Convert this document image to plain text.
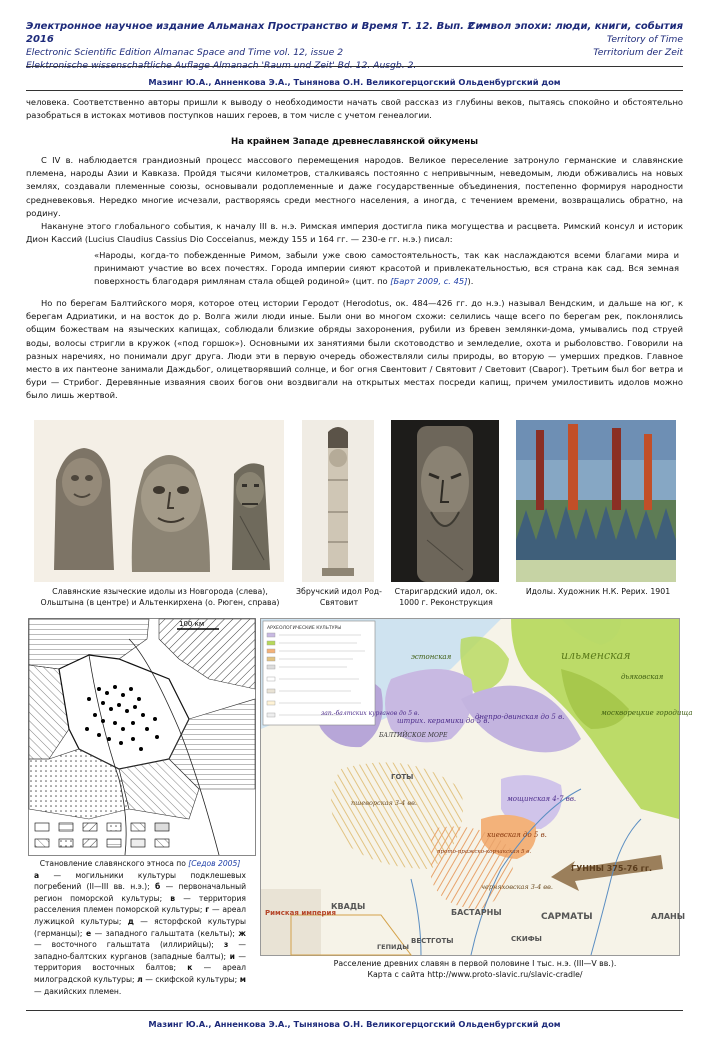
Электронное научное издание Альманах Пространство и Время Т. 12. Вып. 2 • 2016
Electronic Scientific Edition Almanac Space and Time vol. 12, issue 2
Elektronische wissenschaftliche Auflage Almanach 'Raum und Zeit' Bd. 12. Ausgb. 2.
Символ эпохи: люди, книги, события
Territory of Time
Territorium der Zeit
Мазинг Ю.А., Анненкова Э.А., Тынянова О.Н. Великогерцогский Ольденбургский дом

человека. Соответственно авторы пришли к выводу о необходимости начать свой рассказ из глубины веков, пытаясь спокойно и обстоятельно разобраться в истоках мотивов поступков наших героев, в том числе с учетом генеалогии.

На крайнем Западе древнеславянской ойкумены

С IV в. наблюдается грандиозный процесс массового перемещения народов. Великое переселение затронуло германские и славянские племена, народы Азии и Кавказа. Пройдя тысячи километров, сталкиваясь постоянно с непривычным, неведомым, люди обживались на новых землях, создавали племенные союзы, основывали родоплеменные и даже государственные объединения, постепенно формируя народности средневековья. Нередко многие исчезали, растворяясь среди местного населения, а иногда, с течением времени, возвращались обратно, на родину.

Накануне этого глобального события, к началу III в. н.э. Римская империя достигла пика могущества и расцвета. Римский консул и историк Дион Кассий (Lucius Claudius Cassius Dio Cocceianus, между 155 и 164 гг. — 230-е гг. н.э.) писал:

«Народы, когда-то побежденные Римом, забыли уже свою самостоятельность, так как наслаждаются всеми благами мира и принимают участие во всех почестях. Города империи сияют красотой и привлекательностью, вся страна как сад. Вся земная поверхность благодаря римлянам стала общей родиной» (цит. по [Барт 2009, с. 45]).

Но по берегам Балтийского моря, которое отец истории Геродот (Herodotus, ок. 484—426 гг. до н.э.) называл Вендским, и дальше на юг, к берегам Адриатики, и на восток до р. Волга жили люди иные. Были они во многом схожи: селились чаще всего по берегам рек, поклонялись общим божествам на языческих капищах, соблюдали близкие обряды захоронения, рубили из бревен землянки-дома, умывались под струей воды, волосы стригли в кружок («под горшок»). Основными их занятиями были скотоводство и земледелие, охота и рыболовство. Говорили на разных наречиях, но понимали друг друга. Люди эти в первую очередь обожествляли силы природы, во вторую — умерших предков. Главное место в их пантеоне занимали Даждьбог, олицетворявший солнце, и бог огня Свентовит / Святовит / Световит (Сварог). Третьим был бог ветра и бури — Стрибог. Деревянные изваяния своих богов они воздвигали на открытых местах посреди капищ, причем умилостивить идолов можно было лишь жертвой.

Славянские языческие идолы из Новгорода (слева), Ольштына (в центре) и Альтенкирхена (о. Рюген, справа)
Збручский идол Род-Святовит
Старигардский идол, ок. 1000 г. Реконструкция
Идолы. Художник Н.К. Рерих. 1901
100 км
Становление славянского этноса по [Седов 2005]
а — могильники культуры подклешевых погребений (II—III вв. н.э.); б — первоначальный регион поморской культуры; в — территория расселения племен поморской культуры; г — ареал лужицкой культуры; д — ясторфской культуры (германцы); е — западного гальштата (кельты); ж — восточного гальштата (иллирийцы); з — западно-балтских курганов (западные балты); и — территория восточных балтов; к — ареал милоградской культуры; л — скифской культуры; м — дакийских племен.
АРХЕОЛОГИЧЕСКИЕ КУЛЬТУРЫ
БАЛТИЙСКОЕ МОРЕ
ильменская
москворецкие городища
днепро-двинская до 5 в.
штрих. керамики до 5 в.
зап.-балтских курганов до 5 в.
мощинская 4-7 вв.
киевская до 5 в.
пшеворская 3-4 вв.
прото-пражско-корчакская 5 в.
черняховская 3-4 вв.
дьяковская
эстонская
ГОТЫ
ГУННЫ 375-76 гг.
САРМАТЫ	АЛАНЫ
БАСТАРНЫ
КВАДЫ
ВЕСТГОТЫ
ГЕПИДЫ
СКИФЫ
Римская империя
Расселение древних славян в первой половине I тыс. н.э. (III—V вв.). Карта с сайта http://www.proto-slavic.ru/slavic-cradle/
Мазинг Ю.А., Анненкова Э.А., Тынянова О.Н. Великогерцогский Ольденбургский дом
